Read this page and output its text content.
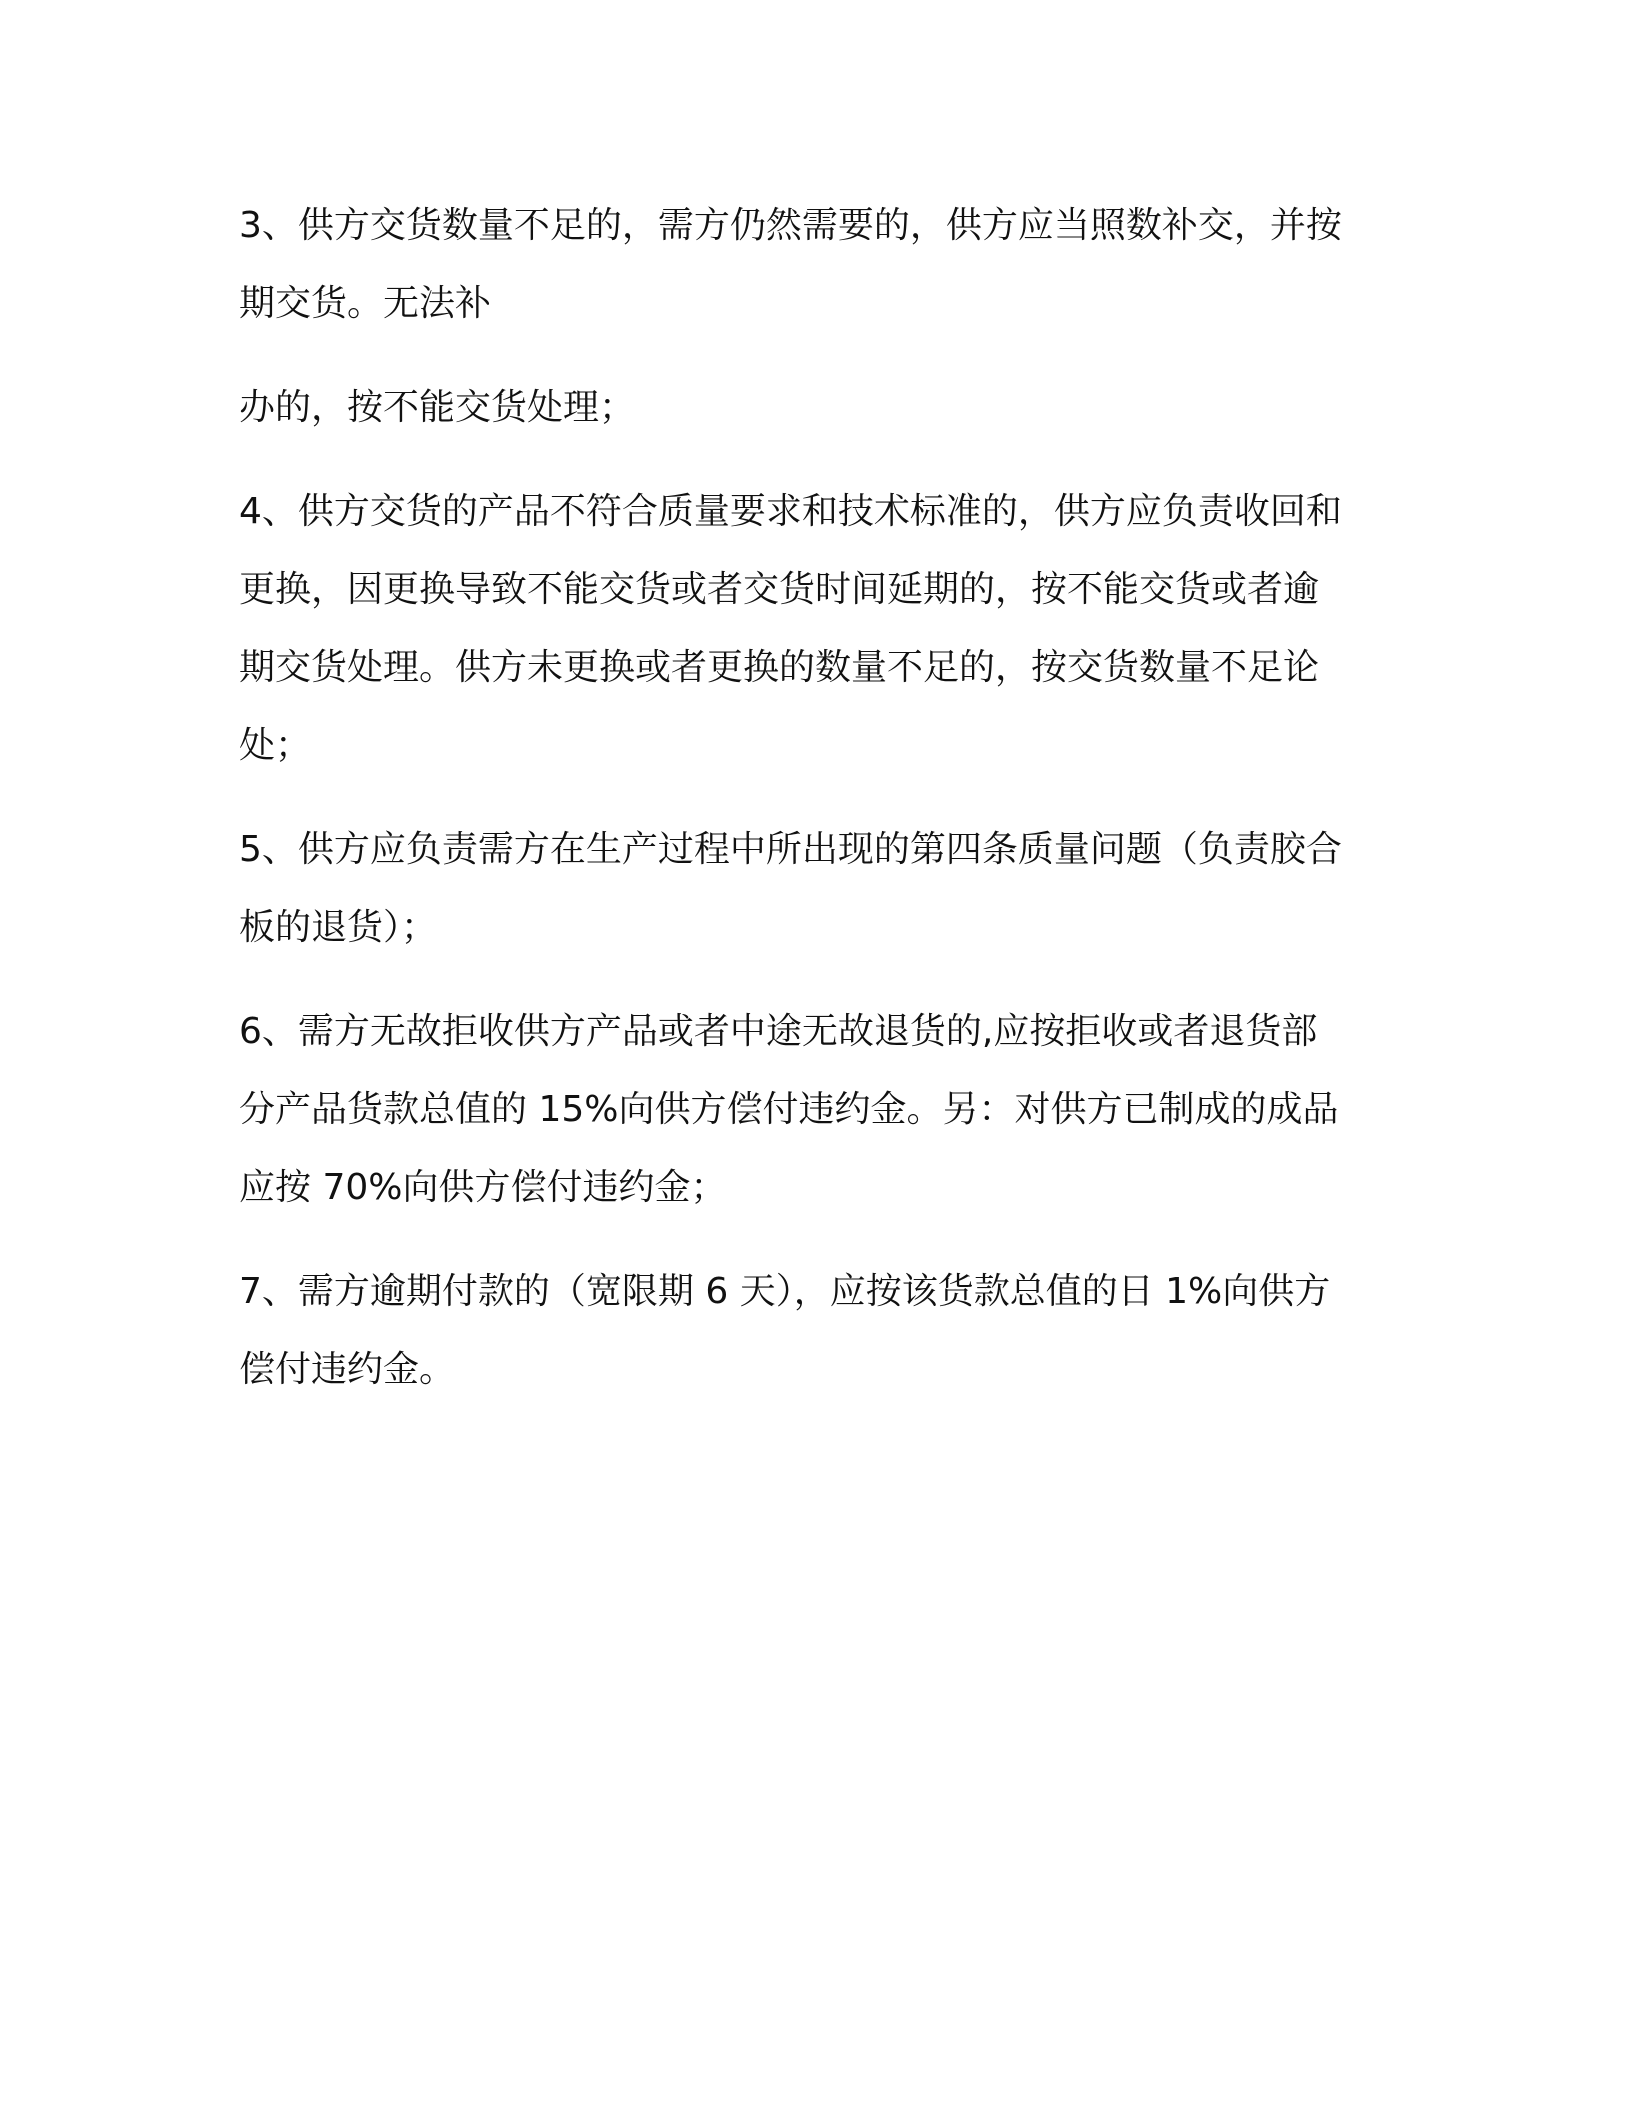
3、供方交货数量不足的，需方仍然需要的，供方应当照数补交，并按
期交货。无法补

办的，按不能交货处理；

4、供方交货的产品不符合质量要求和技术标准的，供方应负责收回和
更换，因更换导致不能交货或者交货时间延期的，按不能交货或者逾
期交货处理。供方未更换或者更换的数量不足的，按交货数量不足论
处；

5、供方应负责需方在生产过程中所出现的第四条质量问题（负责胶合
板的退货）；

6、需方无故拒收供方产品或者中途无故退货的,应按拒收或者退货部
分产品货款总值的 15%向供方偿付违约金。另：对供方已制成的成品
应按 70%向供方偿付违约金；

7、需方逾期付款的（宽限期 6 天），应按该货款总值的日 1%向供方
偿付违约金。
